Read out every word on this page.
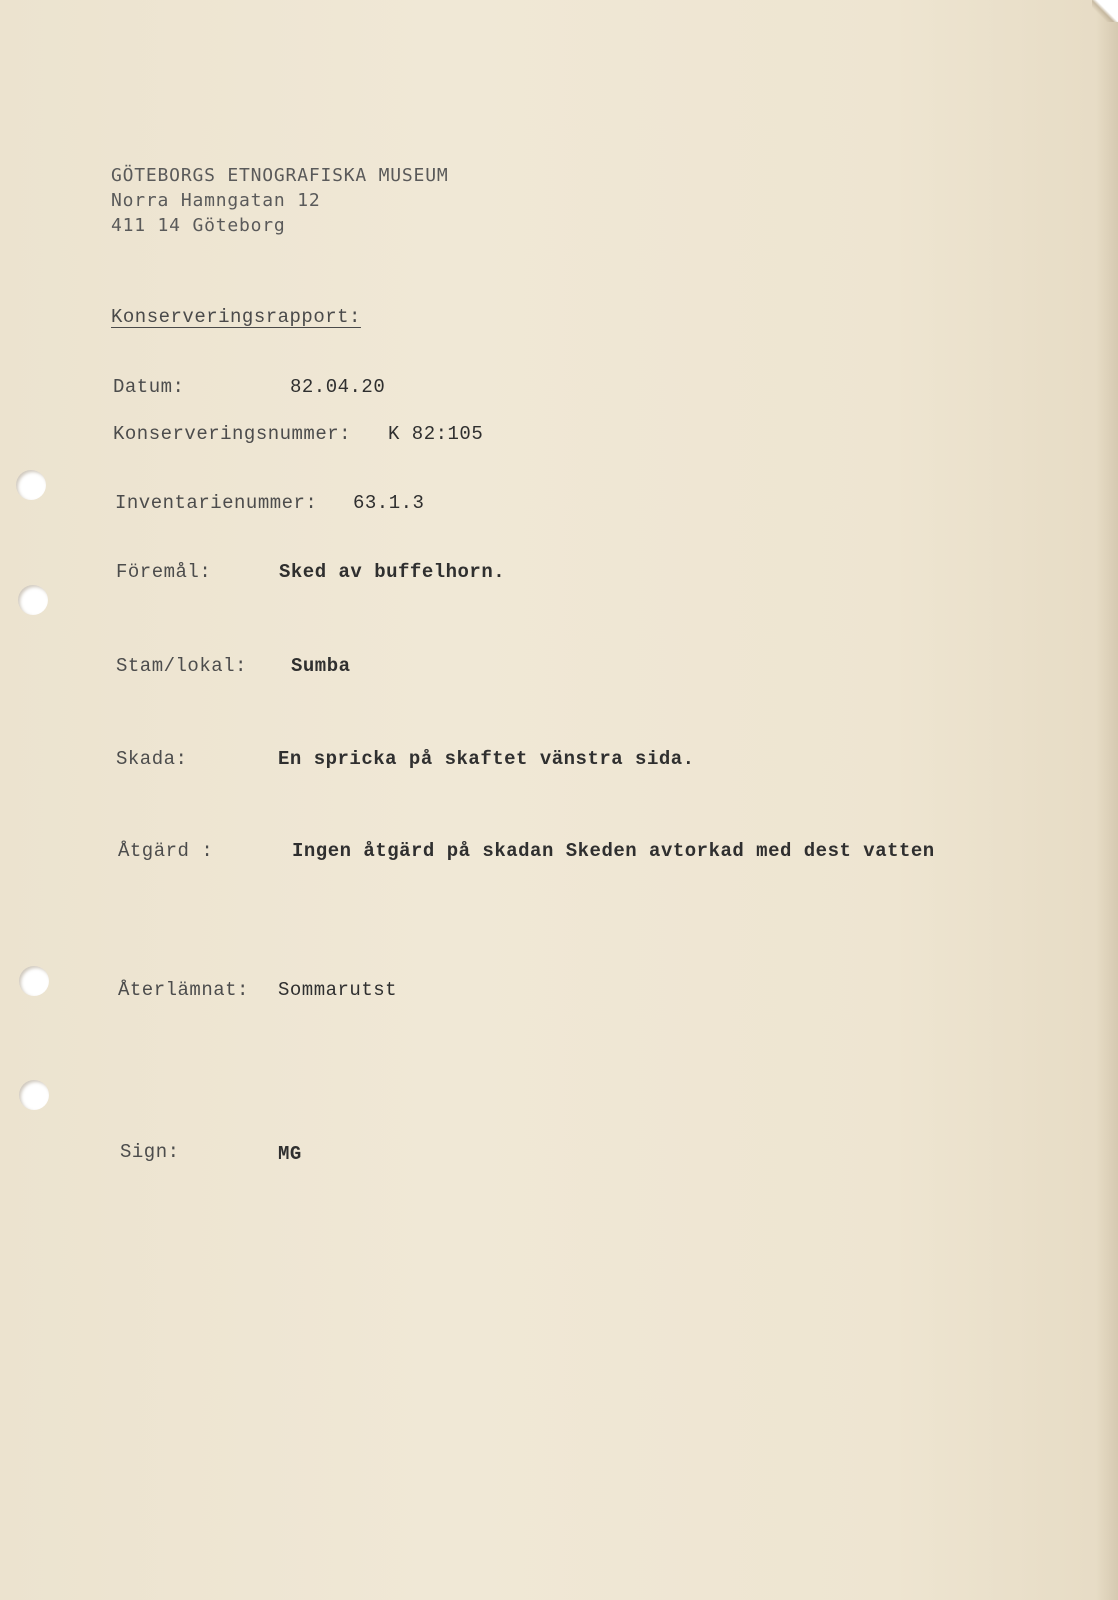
GÖTEBORGS ETNOGRAFISKA MUSEUM
Norra Hamngatan 12
411 14 Göteborg
Konserveringsrapport:
Datum:	82.04.20
Konserveringsnummer: K 82:105
Inventarienummer: 63.1.3
Föremål:	Sked av buffelhorn.
Stam/lokal: Sumba
Skada:	En spricka på skaftet vänstra sida.
Åtgärd :	Ingen åtgärd på skadan Skeden avtorkad med dest vatten
Återlämnat: Sommarutst
Sign:	MG
